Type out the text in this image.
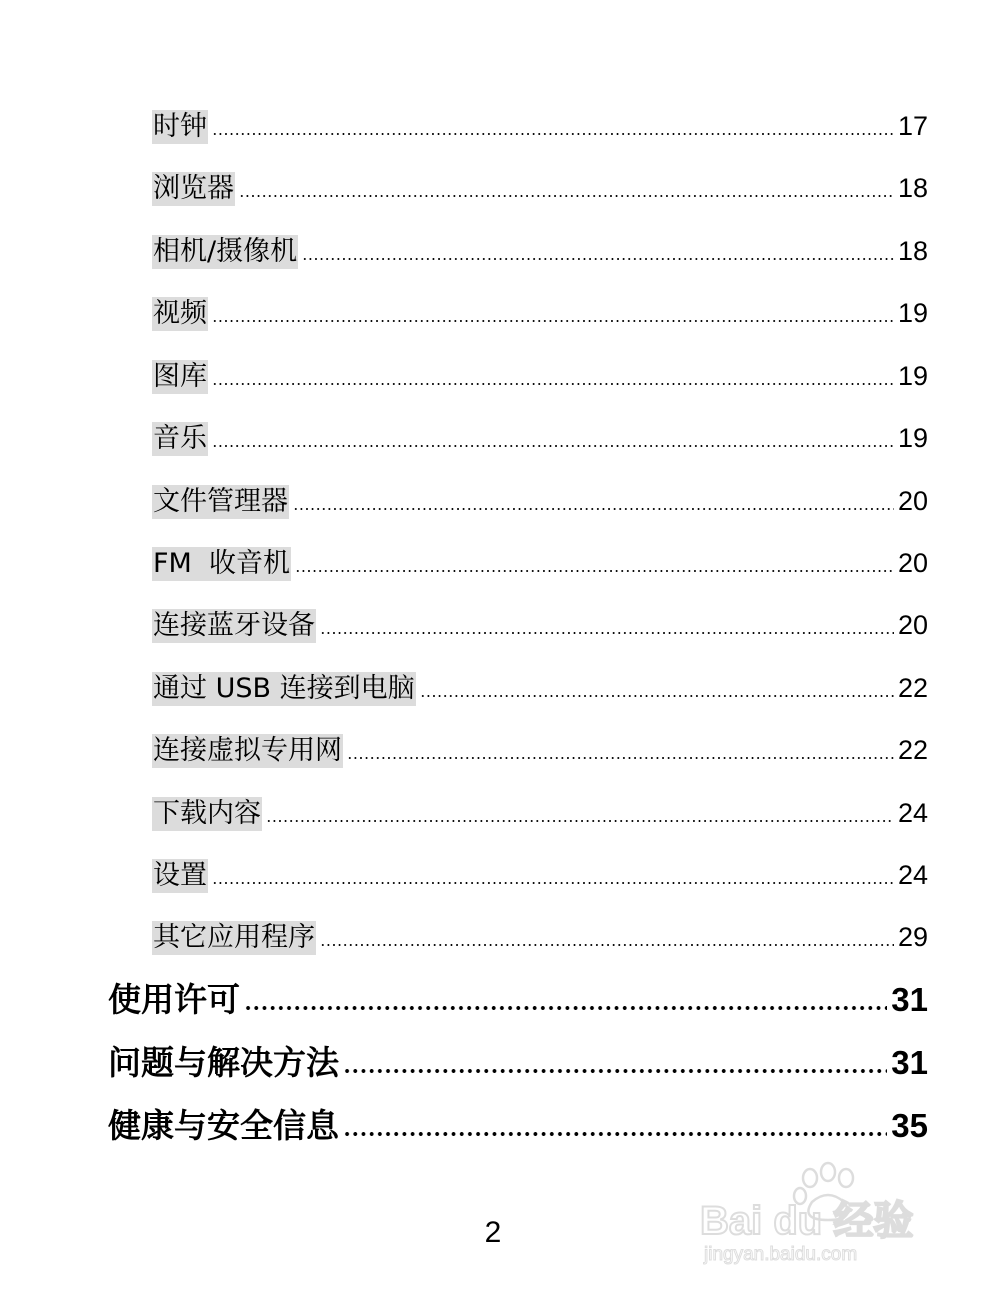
时钟	17
浏览器	18
相机/摄像机	18
视频	19
图库	19
音乐	19
文件管理器	20
FM  收音机	20
连接蓝牙设备	20
通过 USB 连接到电脑	22
连接虚拟专用网	22
下载内容	24
设置	24
其它应用程序	29
使用许可	31
问题与解决方法	31
健康与安全信息	35
2	Bai du 经验
jingyan.baidu.com
